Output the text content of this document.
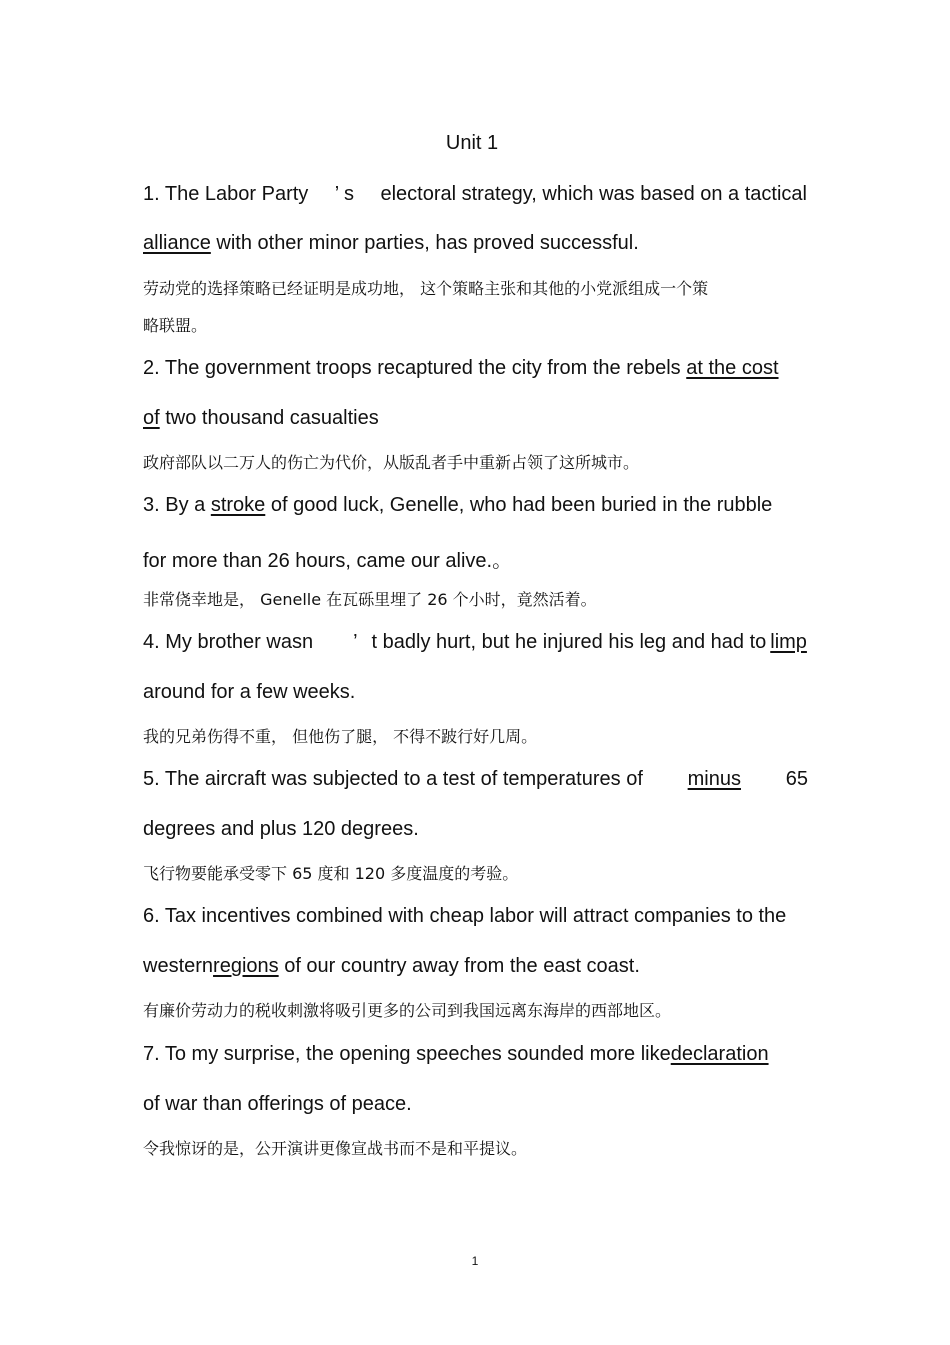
Unit 1
1. The Labor Party ’ s electoral strategy, which was based on a tactical
alliance with other minor parties, has proved successful.
劳动党的选择策略已经证明是成功地， 这个策略主张和其他的小党派组成一个策
略联盟。
2. The government troops recaptured the city from the rebels at the cost
of two thousand casualties
政府部队以二万人的伤亡为代价，从版乱者手中重新占领了这所城市。
3. By a stroke of good luck, Genelle, who had been buried in the rubble
for more than 26 hours, came our alive.。
非常侥幸地是， Genelle 在瓦砾里埋了 26 个小时，竟然活着。
4. My brother wasn ’ t badly hurt, but he injured his leg and had to limp
around for a few weeks.
我的兄弟伤得不重， 但他伤了腿， 不得不跛行好几周。
5. The aircraft was subjected to a test of temperatures of minus 65
degrees and plus 120 degrees.
飞行物要能承受零下 65 度和 120 多度温度的考验。
6. Tax incentives combined with cheap labor will attract companies to the
westernregions of our country away from the east coast.
有廉价劳动力的税收刺激将吸引更多的公司到我国远离东海岸的西部地区。
7. To my surprise, the opening speeches sounded more likedeclaration
of war than offerings of peace.
令我惊讶的是，公开演讲更像宣战书而不是和平提议。
1
